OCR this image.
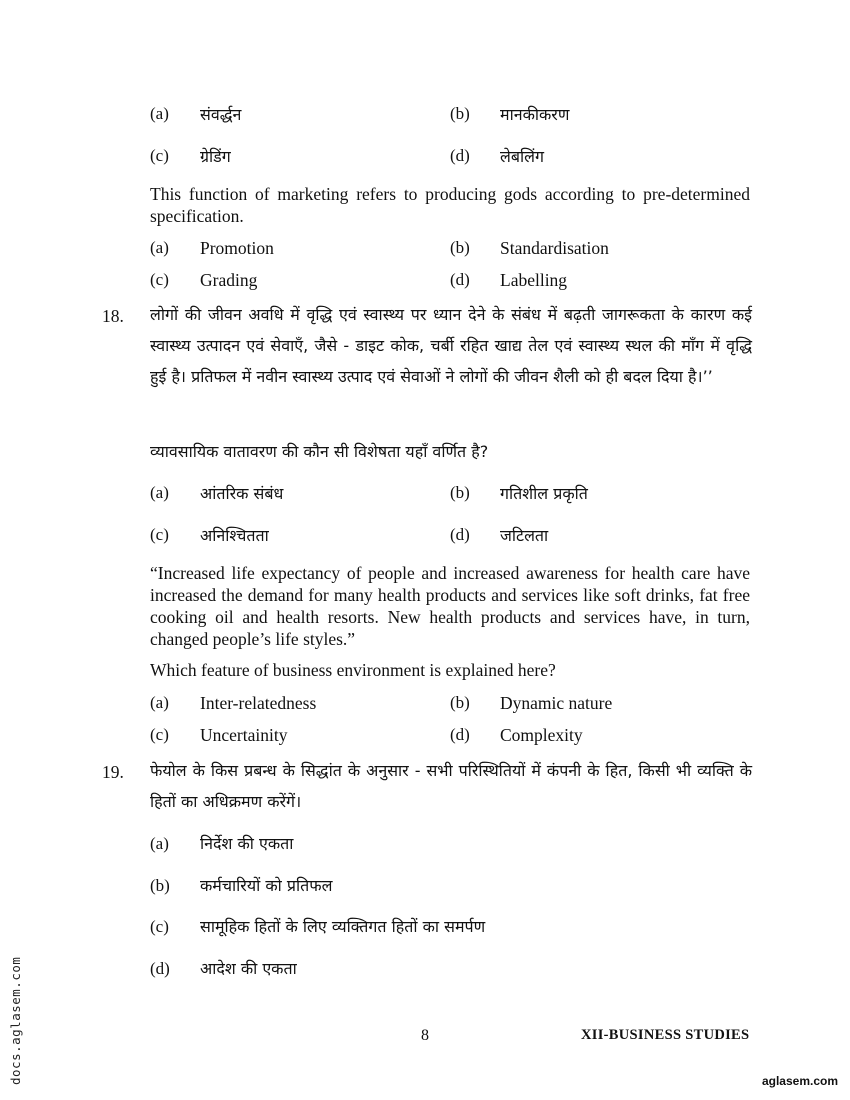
(a) संवर्द्धन	(b) मानकीकरण
(c) ग्रेडिंग	(d) लेबलिंग
This function of marketing refers to producing gods according to pre-determined specification.
(a) Promotion	(b) Standardisation
(c) Grading	(d) Labelling
18. लोगों की जीवन अवधि में वृद्धि एवं स्वास्थ्य पर ध्यान देने के संबंध में बढ़ती जागरूकता के कारण कई स्वास्थ्य उत्पादन एवं सेवाएँ, जैसे - डाइट कोक, चर्बी रहित खाद्य तेल एवं स्वास्थ्य स्थल की माँग में वृद्धि हुई है। प्रतिफल में नवीन स्वास्थ्य उत्पाद एवं सेवाओं ने लोगों की जीवन शैली को ही बदल दिया है।’’
व्यावसायिक वातावरण की कौन सी विशेषता यहाँ वर्णित है?
(a) आंतरिक संबंध	(b) गतिशील प्रकृति
(c) अनिश्चितता	(d) जटिलता
“Increased life expectancy of people and increased awareness for health care have increased the demand for many health products and services like soft drinks, fat free cooking oil and health resorts. New health products and services have, in turn, changed people’s life styles.”
Which feature of business environment is explained here?
(a) Inter-relatedness	(b) Dynamic nature
(c) Uncertainity	(d) Complexity
19. फेयोल के किस प्रबन्ध के सिद्धांत के अनुसार - सभी परिस्थितियों में कंपनी के हित, किसी भी व्यक्ति के हितों का अधिक्रमण करेंगें।
(a) निर्देश की एकता
(b) कर्मचारियों को प्रतिफल
(c) सामूहिक हितों के लिए व्यक्तिगत हितों का समर्पण
(d) आदेश की एकता
8	XII-BUSINESS STUDIES
docs.aglasem.com	aglasem.com
